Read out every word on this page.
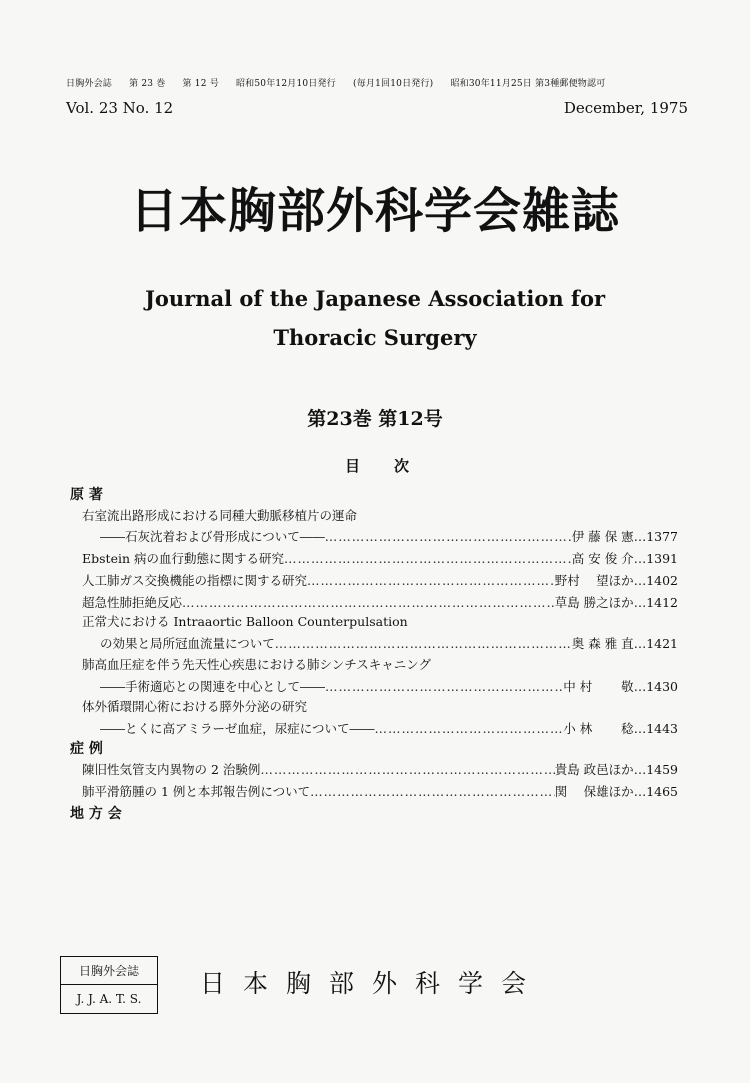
日胸外会誌 第 23 巻 第 12 号 昭和50年12月10日発行 (毎月1回10日発行) 昭和30年11月25日 第3種郵便物認可
Vol. 23 No. 12	December, 1975
日本胸部外科学会雑誌
Journal of the Japanese Association for
Thoracic Surgery
第23巻 第12号
目 次
原 著
右室流出路形成における同種大動脈移植片の運命
――石灰沈着および骨形成について―― ……………………………………………………………………………………………………………………………………………………………………………………	伊 藤 保 憲 …1377
Ebstein 病の血行動態に関する研究 ……………………………………………………………………………………………………………………………………………………………………………………	高 安 俊 介 …1391
人工肺ガス交換機能の指標に関する研究 ……………………………………………………………………………………………………………………………………………………………………………………	野村　 望ほか …1402
超急性肺拒絶反応 ……………………………………………………………………………………………………………………………………………………………………………………	草島 勝之ほか …1412
正常犬における Intraaortic Balloon Counterpulsation
の効果と局所冠血流量について ……………………………………………………………………………………………………………………………………………………………………………………	奥 森 雅 直 …1421
肺高血圧症を伴う先天性心疾患における肺シンチスキャニング
――手術適応との関連を中心として―― ……………………………………………………………………………………………………………………………………………………………………………………	中 村　　 敬 …1430
体外循環開心術における膵外分泌の研究
――とくに高アミラーゼ血症，尿症について―― ……………………………………………………………………………………………………………………………………………………………………………………	小 林　　 稔 …1443
症 例
陳旧性気管支内異物の 2 治験例 ……………………………………………………………………………………………………………………………………………………………………………………	貴島 政邑ほか …1459
肺平滑筋腫の 1 例と本邦報告例について ……………………………………………………………………………………………………………………………………………………………………………………	関　 保雄ほか …1465
地 方 会
日胸外会誌
J. J. A. T. S.
日本胸部外科学会
